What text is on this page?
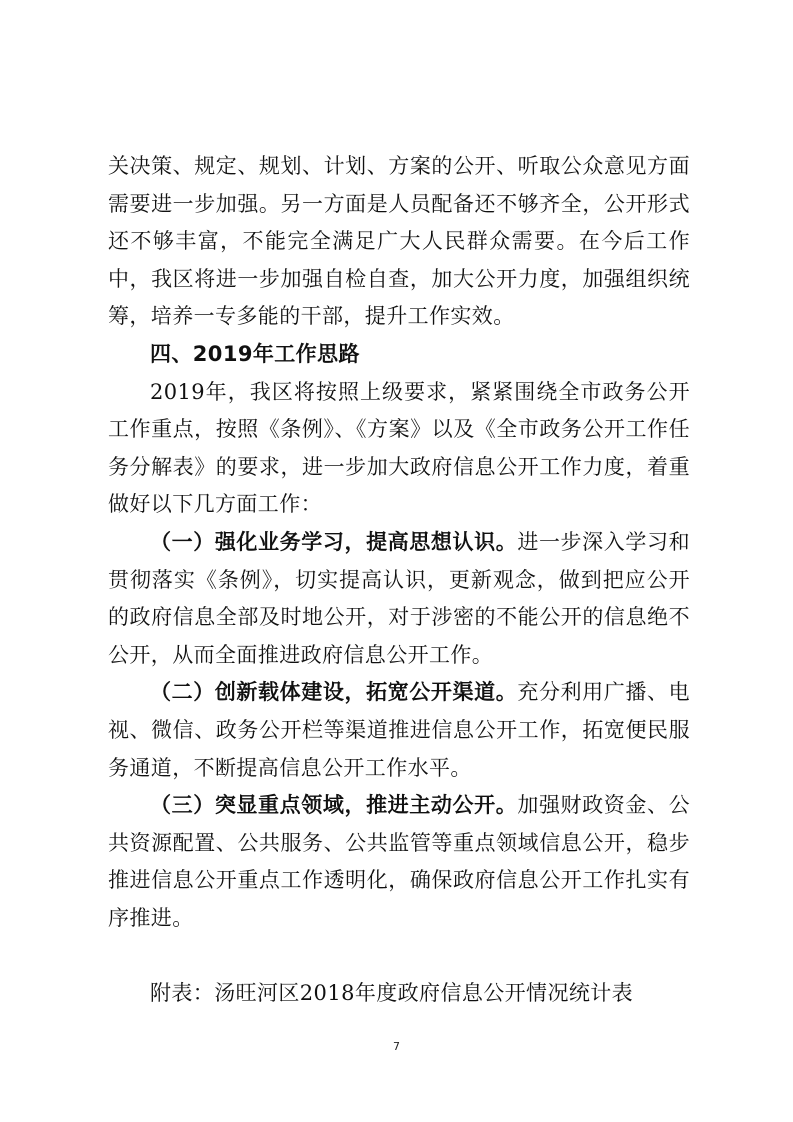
关决策、规定、规划、计划、方案的公开、听取公众意见方面需要进一步加强。另一方面是人员配备还不够齐全，公开形式还不够丰富，不能完全满足广大人民群众需要。在今后工作中，我区将进一步加强自检自查，加大公开力度，加强组织统筹，培养一专多能的干部，提升工作实效。

四、2019年工作思路

2019年，我区将按照上级要求，紧紧围绕全市政务公开工作重点，按照《条例》、《方案》以及《全市政务公开工作任务分解表》的要求，进一步加大政府信息公开工作力度，着重做好以下几方面工作：

（一）强化业务学习，提高思想认识。进一步深入学习和贯彻落实《条例》，切实提高认识，更新观念，做到把应公开的政府信息全部及时地公开，对于涉密的不能公开的信息绝不公开，从而全面推进政府信息公开工作。

（二）创新载体建设，拓宽公开渠道。充分利用广播、电视、微信、政务公开栏等渠道推进信息公开工作，拓宽便民服务通道，不断提高信息公开工作水平。

（三）突显重点领域，推进主动公开。加强财政资金、公共资源配置、公共服务、公共监管等重点领域信息公开，稳步推进信息公开重点工作透明化，确保政府信息公开工作扎实有序推进。

附表：汤旺河区2018年度政府信息公开情况统计表

7
